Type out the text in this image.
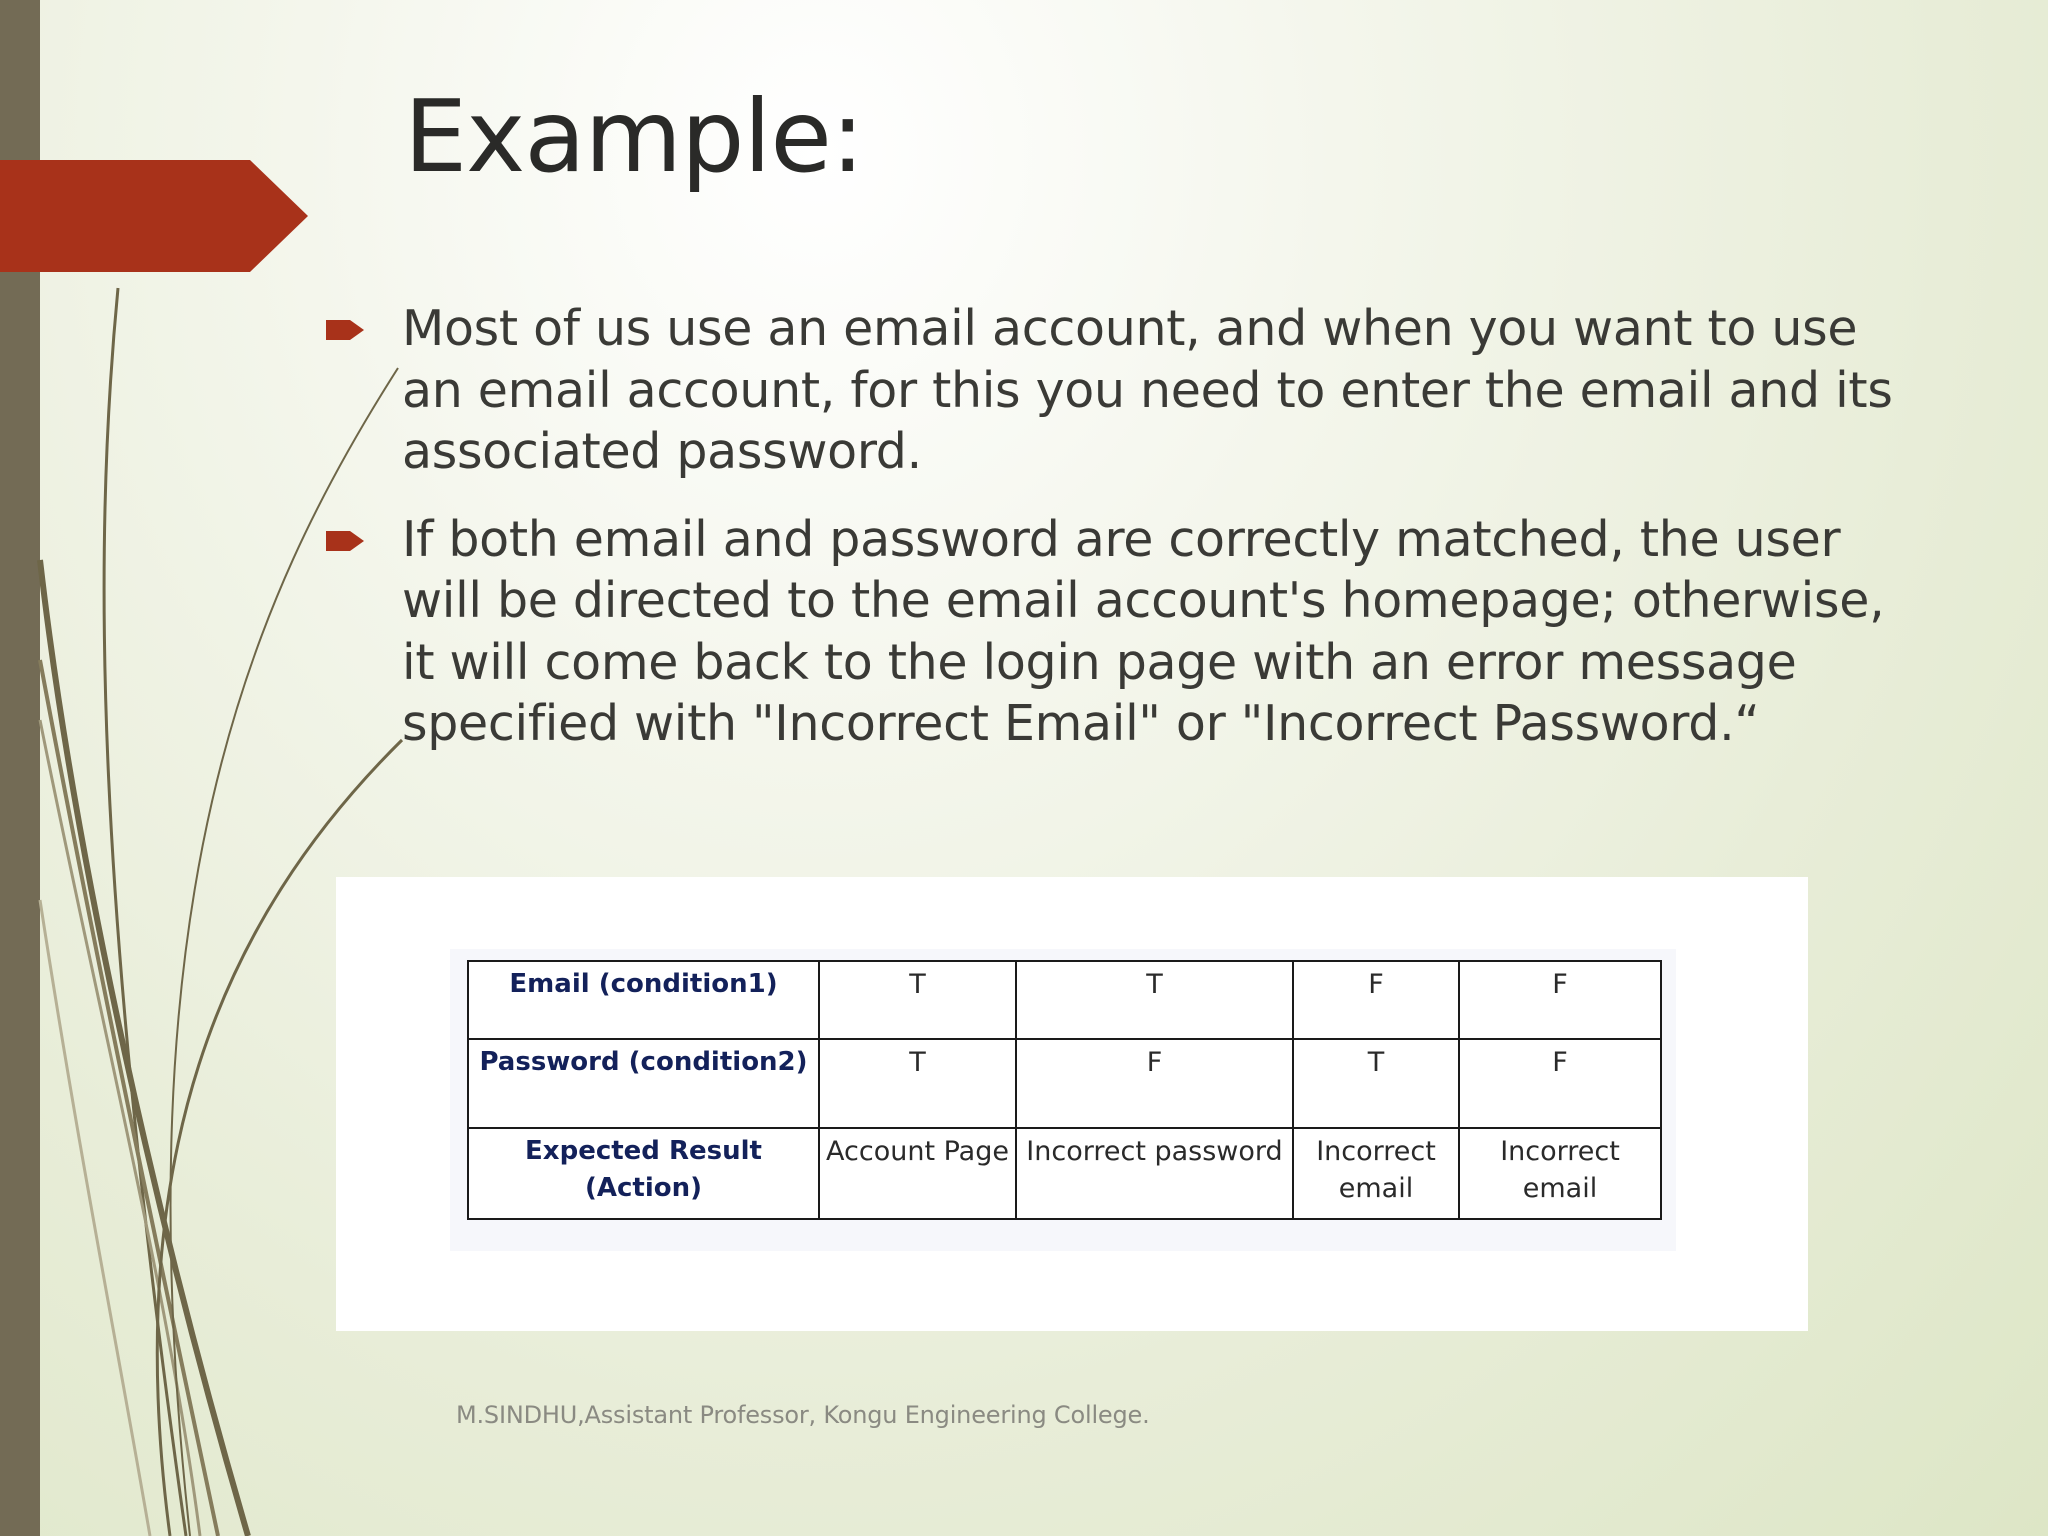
Example:
Most of us use an email account, and when you want to use an email account, for this you need to enter the email and its associated password.
If both email and password are correctly matched, the user will be directed to the email account's homepage; otherwise, it will come back to the login page with an error message specified with "Incorrect Email" or "Incorrect Password.“
Email (condition1)	T	T	F	F
Password (condition2)	T	F	T	F
Expected Result (Action)	Account Page	Incorrect password	Incorrect email	Incorrect email
M.SINDHU,Assistant Professor, Kongu Engineering College.
